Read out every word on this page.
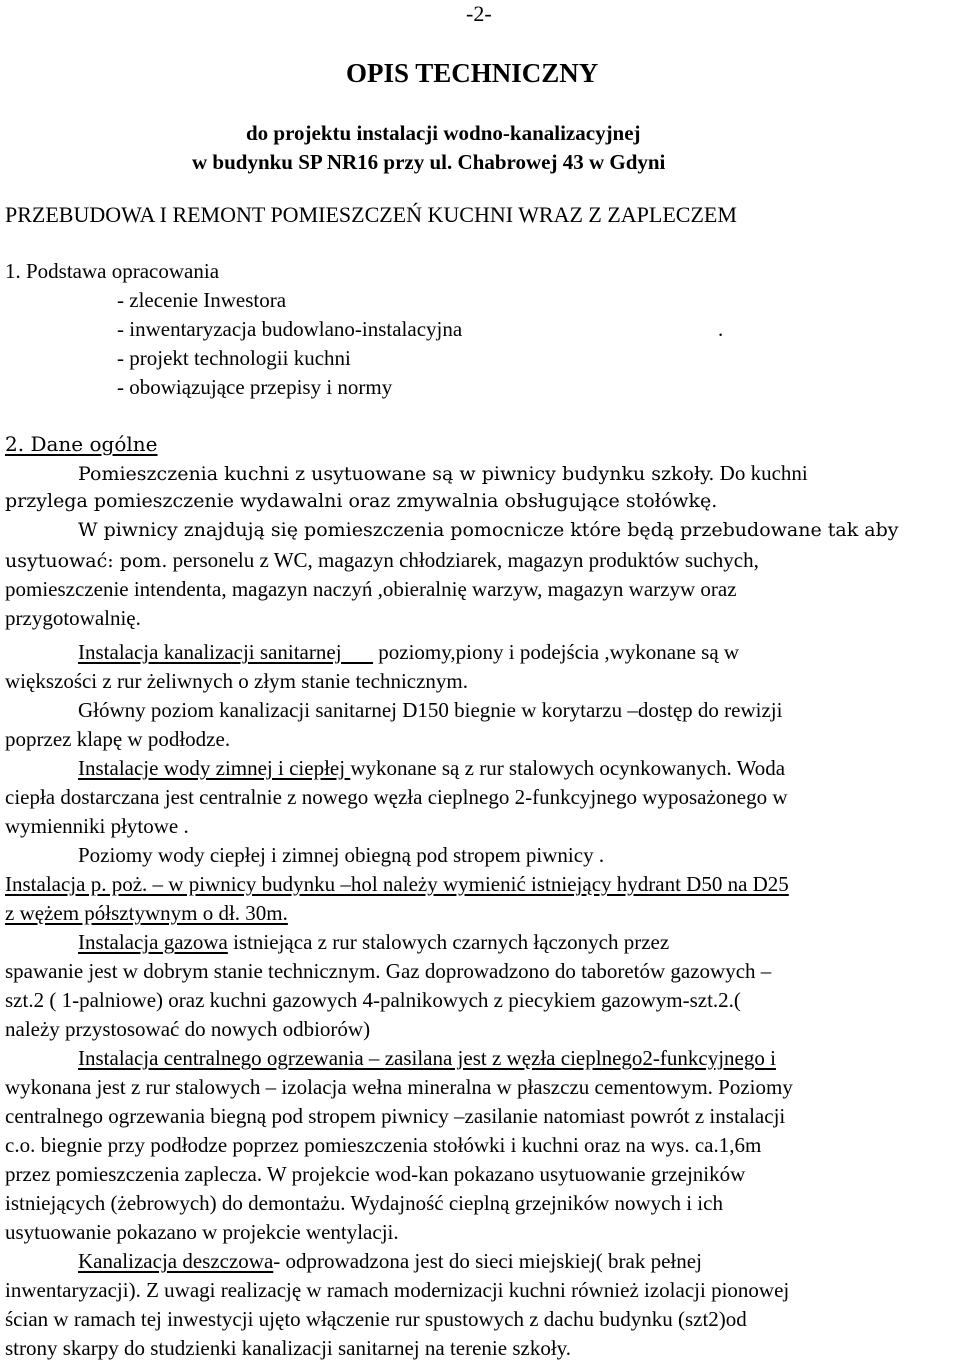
-2-
OPIS TECHNICZNY
do projektu instalacji wodno-kanalizacyjnej
w budynku SP NR16 przy ul. Chabrowej 43 w Gdyni
PRZEBUDOWA I REMONT POMIESZCZEŃ KUCHNI WRAZ Z ZAPLECZEM
1. Podstawa opracowania
- zlecenie Inwestora
- inwentaryzacja budowlano-instalacyjna	.
- projekt technologii kuchni
- obowiązujące przepisy i normy
2. Dane ogólne
Pomieszczenia kuchni z usytuowane są w piwnicy budynku szkoły. Do kuchni
przylega pomieszczenie wydawalni oraz zmywalnia obsługujące stołówkę.
W piwnicy znajdują się pomieszczenia pomocnicze które będą przebudowane tak aby
usytuować: pom. personelu z WC, magazyn chłodziarek, magazyn produktów suchych,
pomieszczenie intendenta, magazyn naczyń ,obieralnię warzyw, magazyn warzyw oraz
przygotowalnię.
Instalacja kanalizacji sanitarnej       poziomy,piony i podejścia ,wykonane są w
większości z rur żeliwnych o złym stanie technicznym.
Główny poziom kanalizacji sanitarnej D150 biegnie w korytarzu –dostęp do rewizji
poprzez klapę w podłodze.
Instalacje wody zimnej i ciepłej wykonane są z rur stalowych ocynkowanych. Woda
ciepła dostarczana jest centralnie z nowego węzła cieplnego 2-funkcyjnego wyposażonego w
wymienniki płytowe .
Poziomy wody ciepłej i zimnej obiegną pod stropem piwnicy .
Instalacja p. poż. – w piwnicy budynku –hol należy wymienić istniejący hydrant D50 na D25
z wężem półsztywnym o dł. 30m.
Instalacja gazowa istniejąca z rur stalowych czarnych łączonych przez
spawanie jest w dobrym stanie technicznym. Gaz doprowadzono do taboretów gazowych –
szt.2 ( 1-palniowe) oraz kuchni gazowych 4-palnikowych z piecykiem gazowym-szt.2.(
należy przystosować do nowych odbiorów)
Instalacja centralnego ogrzewania – zasilana jest z węzła cieplnego2-funkcyjnego i
wykonana jest z rur stalowych – izolacja wełna mineralna w płaszczu cementowym. Poziomy
centralnego ogrzewania biegną pod stropem piwnicy –zasilanie natomiast powrót z instalacji
c.o. biegnie przy podłodze poprzez pomieszczenia stołówki i kuchni oraz na wys. ca.1,6m
przez pomieszczenia zaplecza. W projekcie wod-kan pokazano usytuowanie grzejników
istniejących (żebrowych) do demontażu. Wydajność cieplną grzejników nowych i ich
usytuowanie pokazano w projekcie wentylacji.
Kanalizacja deszczowa- odprowadzona jest do sieci miejskiej( brak pełnej
inwentaryzacji). Z uwagi realizację w ramach modernizacji kuchni również izolacji pionowej
ścian w ramach tej inwestycji ujęto włączenie rur spustowych z dachu budynku (szt2)od
strony skarpy do studzienki kanalizacji sanitarnej na terenie szkoły.
